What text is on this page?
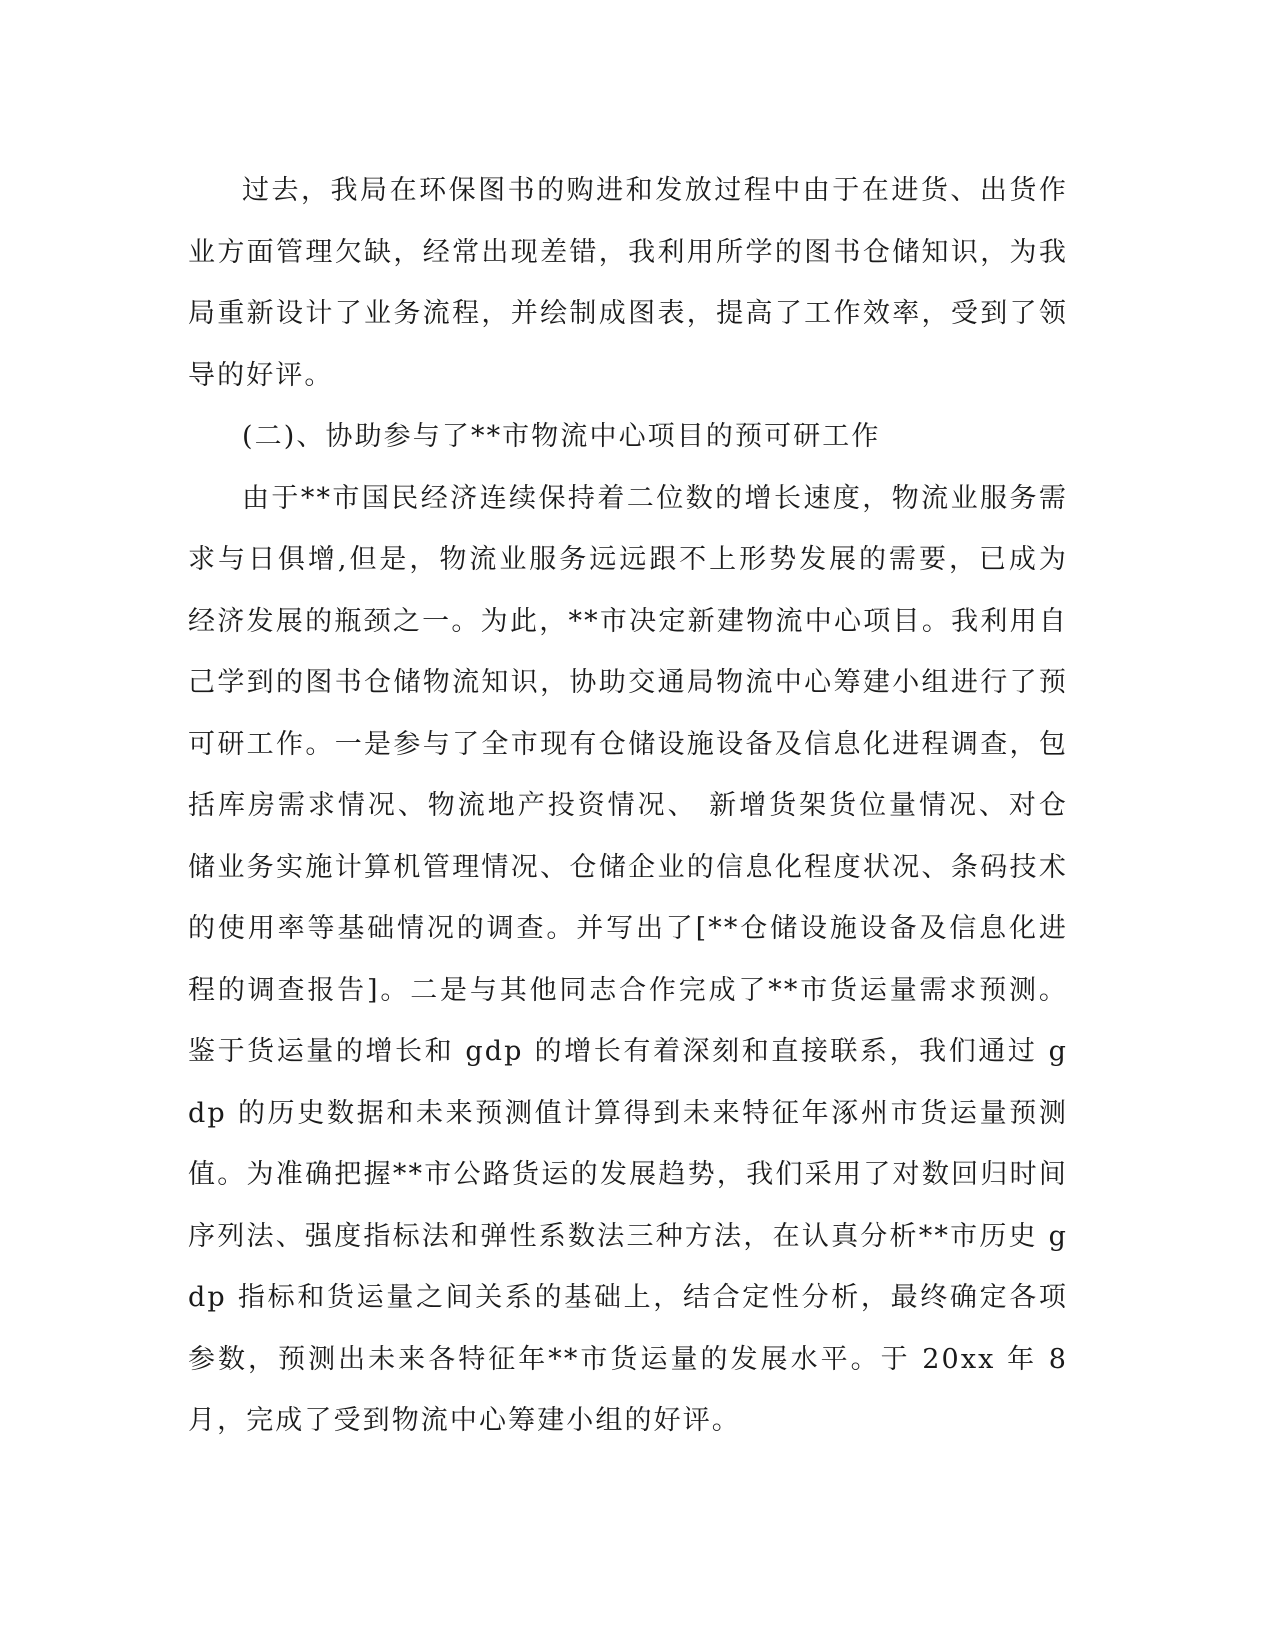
过去，我局在环保图书的购进和发放过程中由于在进货、出货作业方面管理欠缺，经常出现差错，我利用所学的图书仓储知识，为我局重新设计了业务流程，并绘制成图表，提高了工作效率，受到了领导的好评。

(二)、协助参与了**市物流中心项目的预可研工作

由于**市国民经济连续保持着二位数的增长速度，物流业服务需求与日俱增,但是，物流业服务远远跟不上形势发展的需要，已成为经济发展的瓶颈之一。为此，**市决定新建物流中心项目。我利用自己学到的图书仓储物流知识，协助交通局物流中心筹建小组进行了预可研工作。一是参与了全市现有仓储设施设备及信息化进程调查，包括库房需求情况、物流地产投资情况、 新增货架货位量情况、对仓储业务实施计算机管理情况、仓储企业的信息化程度状况、条码技术的使用率等基础情况的调查。并写出了[**仓储设施设备及信息化进程的调查报告]。二是与其他同志合作完成了**市货运量需求预测。鉴于货运量的增长和 gdp 的增长有着深刻和直接联系，我们通过 gdp 的历史数据和未来预测值计算得到未来特征年涿州市货运量预测值。为准确把握**市公路货运的发展趋势，我们采用了对数回归时间序列法、强度指标法和弹性系数法三种方法，在认真分析**市历史 gdp 指标和货运量之间关系的基础上，结合定性分析，最终确定各项参数，预测出未来各特征年**市货运量的发展水平。于 20xx 年 8 月，完成了受到物流中心筹建小组的好评。
